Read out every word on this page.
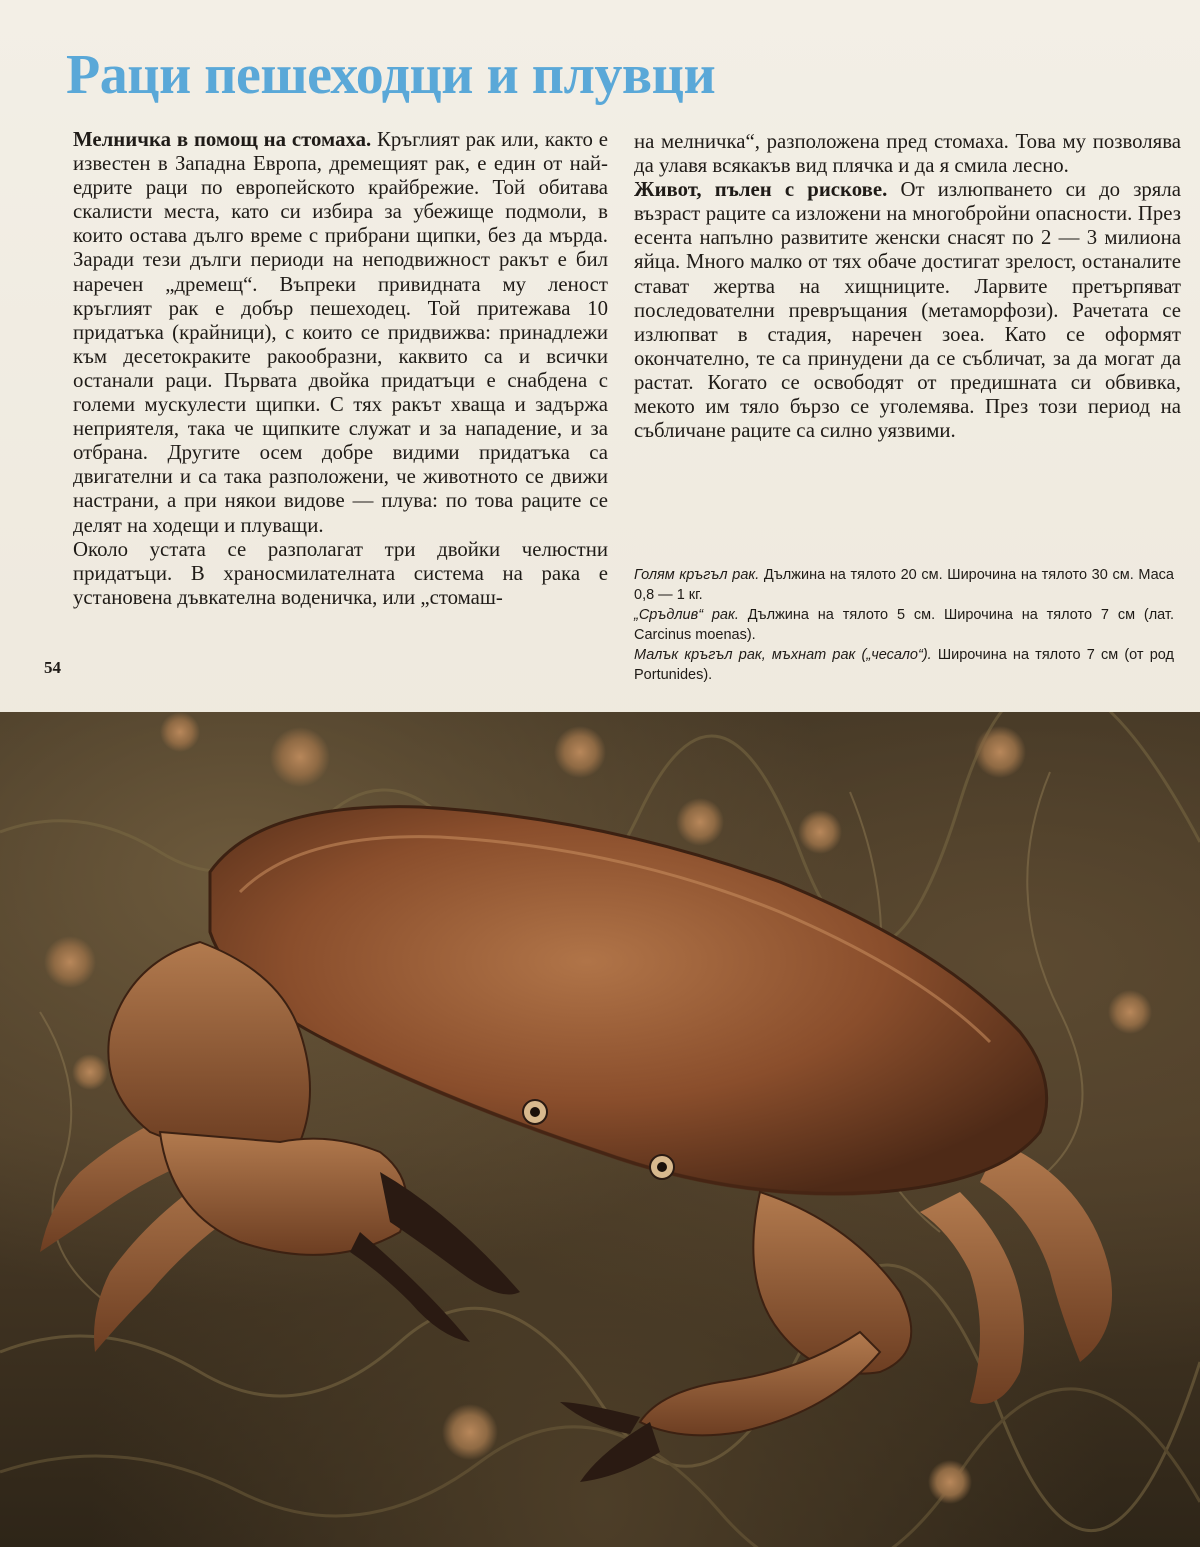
Раци пешеходци и плувци

Мелничка в помощ на стомаха. Кръглият рак или, както е известен в Западна Европа, дремещият рак, е един от най-едрите раци по европейското крайбрежие. Той обитава скалисти места, като си избира за убежище подмоли, в които остава дълго време с прибрани щипки, без да мърда. Заради тези дълги периоди на неподвижност ракът е бил наречен „дремещ“. Въпреки привидната му леност кръглият рак е добър пешеходец. Той притежава 10 придатъка (крайници), с които се придвижва: принадлежи към десетокраките ракообразни, каквито са и всички останали раци. Първата двойка придатъци е снабдена с големи мускулести щипки. С тях ракът хваща и задържа неприятеля, така че щипките служат и за нападение, и за отбрана. Другите осем добре видими придатъка са двигателни и са така разположени, че животното се движи настрани, а при някои видове — плува: по това раците се делят на ходещи и плуващи.

Около устата се разполагат три двойки челюстни придатъци. В храносмилателната система на рака е установена дъвкателна воденичка, или „стомаш-

на мелничка“, разположена пред стомаха. Това му позволява да улавя всякакъв вид плячка и да я смила лесно.

Живот, пълен с рискове. От излюпването си до зряла възраст раците са изложени на многобройни опасности. През есента напълно развитите женски снасят по 2 — 3 милиона яйца. Много малко от тях обаче достигат зрелост, останалите стават жертва на хищниците. Ларвите претърпяват последователни превръщания (метаморфози). Рачетата се излюпват в стадия, наречен зоеа. Като се оформят окончателно, те са принудени да се събличат, за да могат да растат. Когато се освободят от предишната си обвивка, мекото им тяло бързо се уголемява. През този период на събличане раците са силно уязвими.

Голям кръгъл рак. Дължина на тялото 20 см. Широчина на тялото 30 см. Маса 0,8 — 1 кг.

„Сръдлив“ рак. Дължина на тялото 5 см. Широчина на тялото 7 см (лат. Carcinus moenas).

Малък кръгъл рак, мъхнат рак („чесало“). Широчина на тялото 7 см (от род Portunides).

54
